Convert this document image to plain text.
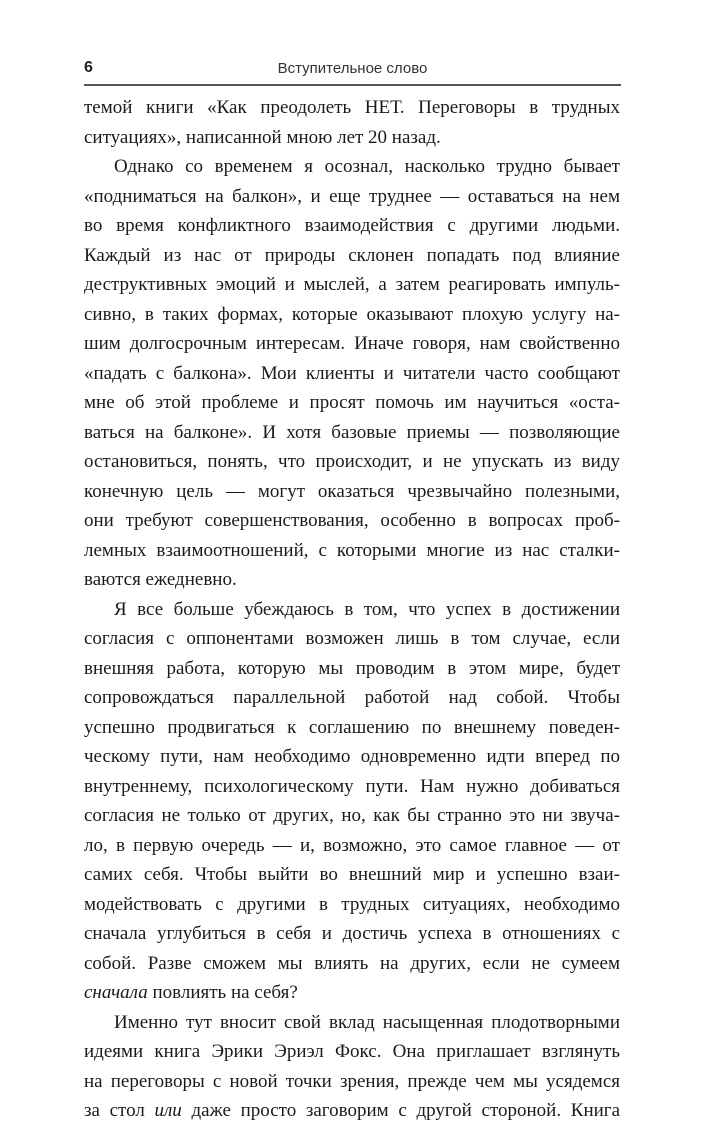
6	Вступительное слово
темой книги «Как преодолеть НЕТ. Переговоры в трудных
ситуациях», написанной мною лет 20 назад.
Однако со временем я осознал, насколько трудно бывает
«подниматься на балкон», и еще труднее — оставаться на нем
во время конфликтного взаимодействия с другими людьми.
Каждый из нас от природы склонен попадать под влияние
деструктивных эмоций и мыслей, а затем реагировать импуль-
сивно, в таких формах, которые оказывают плохую услугу на-
шим долгосрочным интересам. Иначе говоря, нам свойственно
«падать с балкона». Мои клиенты и читатели часто сообщают
мне об этой проблеме и просят помочь им научиться «оста-
ваться на балконе». И хотя базовые приемы — позволяющие
остановиться, понять, что происходит, и не упускать из виду
конечную цель — могут оказаться чрезвычайно полезными,
они требуют совершенствования, особенно в вопросах проб-
лемных взаимоотношений, с которыми многие из нас сталки-
ваются ежедневно.
Я все больше убеждаюсь в том, что успех в достижении
согласия с оппонентами возможен лишь в том случае, если
внешняя работа, которую мы проводим в этом мире, будет
сопровождаться параллельной работой над собой. Чтобы
успешно продвигаться к соглашению по внешнему поведен-
ческому пути, нам необходимо одновременно идти вперед по
внутреннему, психологическому пути. Нам нужно добиваться
согласия не только от других, но, как бы странно это ни звуча-
ло, в первую очередь — и, возможно, это самое главное — от
самих себя. Чтобы выйти во внешний мир и успешно взаи-
модействовать с другими в трудных ситуациях, необходимо
сначала углубиться в себя и достичь успеха в отношениях с
собой. Разве сможем мы влиять на других, если не сумеем
сначала повлиять на себя?
Именно тут вносит свой вклад насыщенная плодотворными
идеями книга Эрики Эриэл Фокс. Она приглашает взглянуть
на переговоры с новой точки зрения, прежде чем мы усядемся
за стол или даже просто заговорим с другой стороной. Книга
